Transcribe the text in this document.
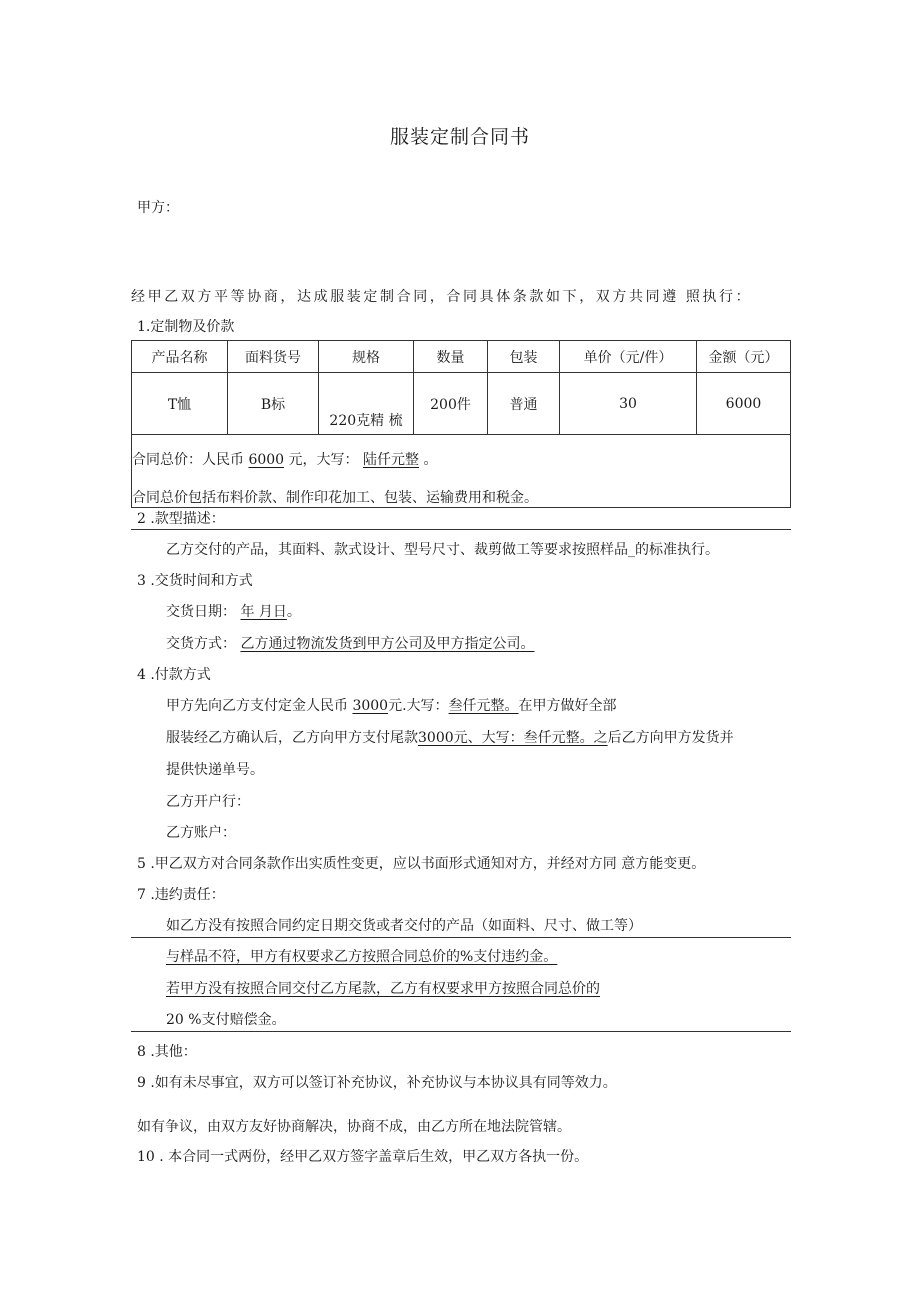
服装定制合同书
甲方：
经甲乙双方平等协商，达成服装定制合同，合同具体条款如下，双方共同遵 照执行：
1.定制物及价款
产品名称	面料货号	规格	数量	包装	单价（元/件）	金额（元）
T恤	B标	220克精 梳	200件	普通	30	6000

合同总价：人民币 6000 元，大写： 陆仟元整 。
合同总价包括布料价款、制作印花加工、包装、运输费用和税金。						
2 .款型描述：
乙方交付的产品，其面料、款式设计、型号尺寸、裁剪做工等要求按照样品_的标准执行。
3 .交货时间和方式
交货日期： 年 月日。
交货方式： 乙方通过物流发货到甲方公司及甲方指定公司。
4 .付款方式
甲方先向乙方支付定金人民币 3000元.大写：叁仟元整。在甲方做好全部
服装经乙方确认后，乙方向甲方支付尾款3000元、大写：叁仟元整。之后乙方向甲方发货并
提供快递单号。
乙方开户行：
乙方账户：
5 .甲乙双方对合同条款作出实质性变更，应以书面形式通知对方，并经对方同 意方能变更。
7 .违约责任：
如乙方没有按照合同约定日期交货或者交付的产品（如面料、尺寸、做工等）
与样品不符，甲方有权要求乙方按照合同总价的%支付违约金。
若甲方没有按照合同交付乙方尾款，乙方有权要求甲方按照合同总价的
20 %支付赔偿金。
8 .其他：
9 .如有未尽事宜，双方可以签订补充协议，补充协议与本协议具有同等效力。
如有争议，由双方友好协商解决，协商不成，由乙方所在地法院管辖。
10 . 本合同一式两份，经甲乙双方签字盖章后生效，甲乙双方各执一份。
